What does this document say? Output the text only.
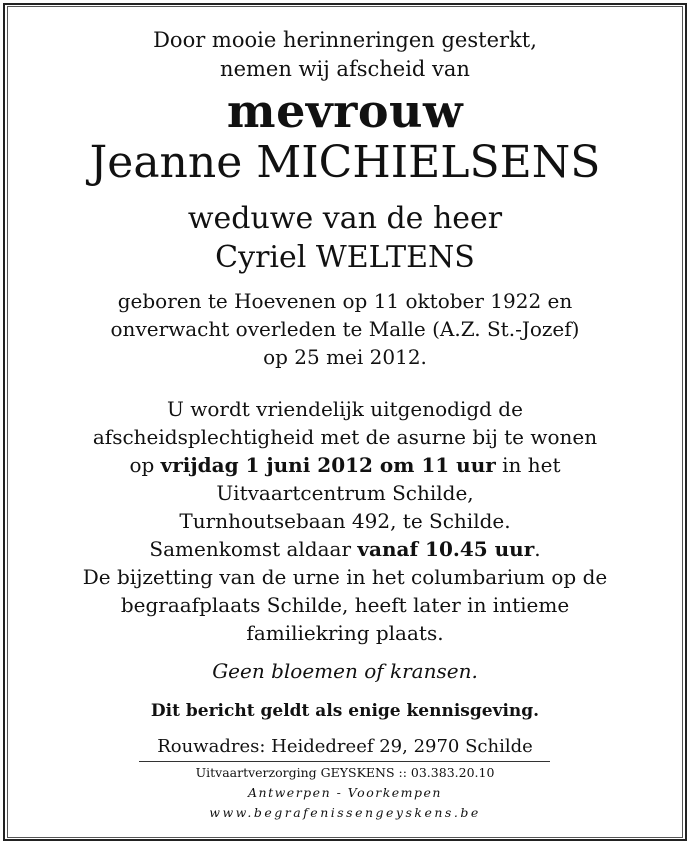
Door mooie herinneringen gesterkt,
nemen wij afscheid van
mevrouw
Jeanne MICHIELSENS
weduwe van de heer
Cyriel WELTENS
geboren te Hoevenen op 11 oktober 1922 en
onverwacht overleden te Malle (A.Z. St.-Jozef)
op 25 mei 2012.
U wordt vriendelijk uitgenodigd de
afscheidsplechtigheid met de asurne bij te wonen
op vrijdag 1 juni 2012 om 11 uur in het
Uitvaartcentrum Schilde,
Turnhoutsebaan 492, te Schilde.
Samenkomst aldaar vanaf 10.45 uur.
De bijzetting van de urne in het columbarium op de
begraafplaats Schilde, heeft later in intieme
familiekring plaats.
Geen bloemen of kransen.
Dit bericht geldt als enige kennisgeving.
Rouwadres: Heidedreef 29, 2970 Schilde
Uitvaartverzorging GEYSKENS :: 03.383.20.10
Antwerpen - Voorkempen
www.begrafenissengeyskens.be
